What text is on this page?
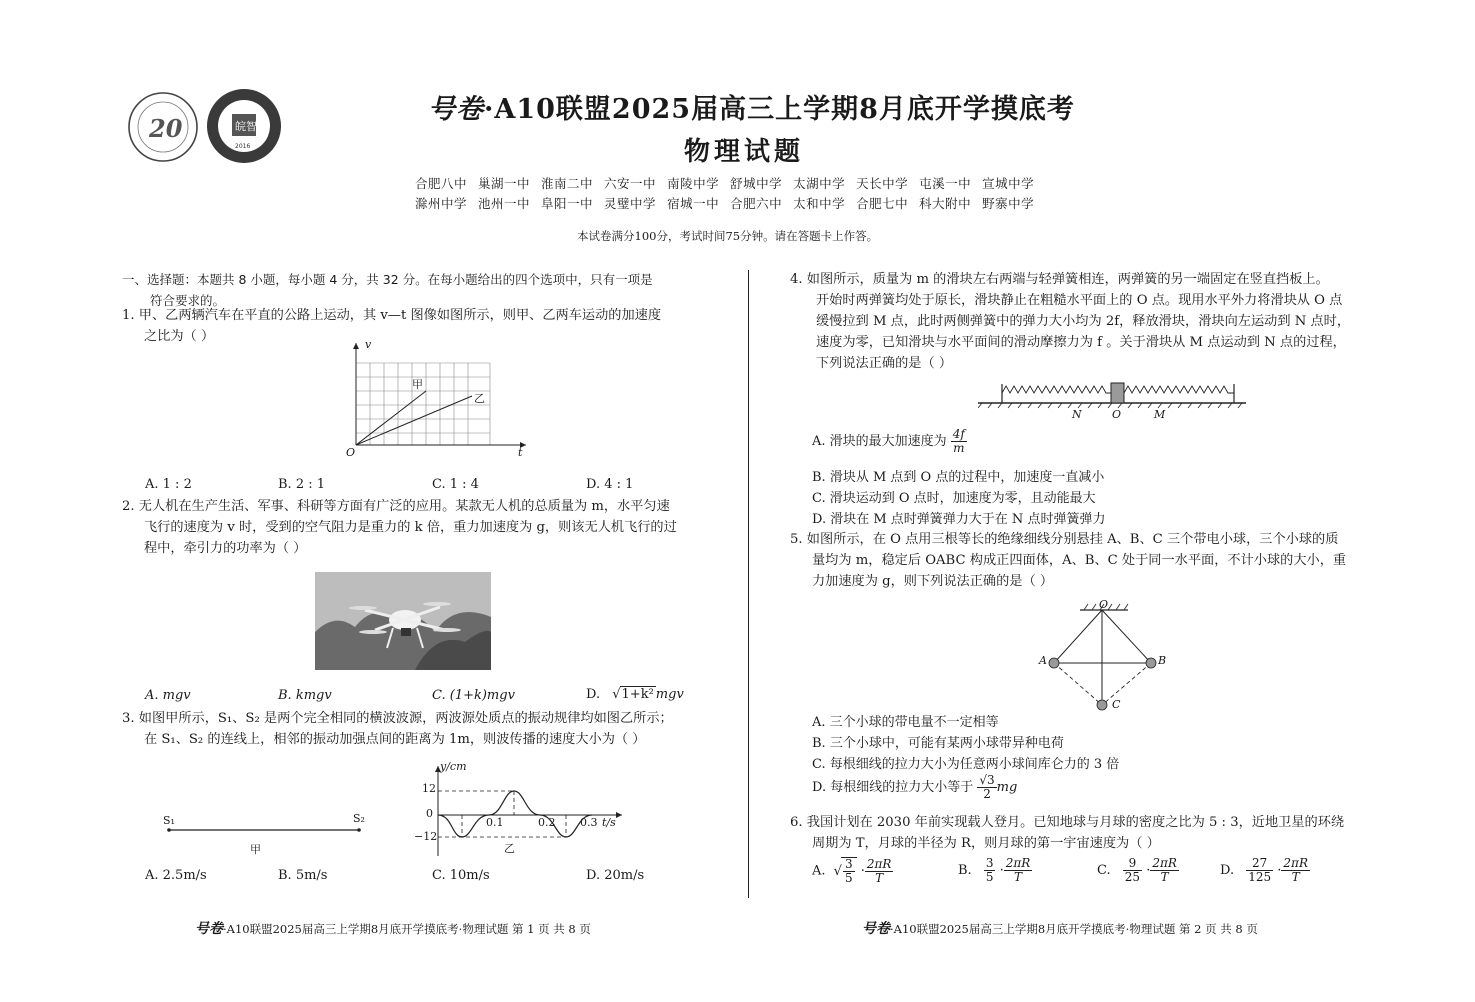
20	皖智
2016
号卷·A10联盟2025届高三上学期8月底开学摸底考
物理试题
合肥八中 巢湖一中 淮南二中 六安一中 南陵中学 舒城中学 太湖中学 天长中学 屯溪一中 宣城中学
滁州中学 池州一中 阜阳一中 灵璧中学 宿城一中 合肥六中 太和中学 合肥七中 科大附中 野寨中学
本试卷满分100分，考试时间75分钟。请在答题卡上作答。
一、选择题：本题共 8 小题，每小题 4 分，共 32 分。在每小题给出的四个选项中，只有一项是
符合要求的。
1. 甲、乙两辆汽车在平直的公路上运动，其 v—t 图像如图所示，则甲、乙两车运动的加速度
之比为（ ）
v
t
O
甲
乙
A. 1 : 2	B. 2 : 1	C. 1 : 4	D. 4 : 1
2. 无人机在生产生活、军事、科研等方面有广泛的应用。某款无人机的总质量为 m，水平匀速
飞行的速度为 v 时，受到的空气阻力是重力的 k 倍，重力加速度为 g，则该无人机飞行的过
程中，牵引力的功率为（ ）
A. mgv	B. kmgv	C. (1+k)mgv	D. √1+k² mgv
3. 如图甲所示，S₁、S₂ 是两个完全相同的横波波源，两波源处质点的振动规律均如图乙所示；
在 S₁、S₂ 的连线上，相邻的振动加强点间的距离为 1m，则波传播的速度大小为（ ）
S₁	S₂
甲
y/cm
12
0
−12
0.1	0.2 0.3 t/s
乙
A. 2.5m/s	B. 5m/s	C. 10m/s	D. 20m/s
4. 如图所示，质量为 m 的滑块左右两端与轻弹簧相连，两弹簧的另一端固定在竖直挡板上。
开始时两弹簧均处于原长，滑块静止在粗糙水平面上的 O 点。现用水平外力将滑块从 O 点
缓慢拉到 M 点，此时两侧弹簧中的弹力大小均为 2f，释放滑块，滑块向左运动到 N 点时，
速度为零，已知滑块与水平面间的滑动摩擦力为 f 。关于滑块从 M 点运动到 N 点的过程，
下列说法正确的是（ ）
N	O	M
A. 滑块的最大加速度为 $\frac{4f}{m}$
B. 滑块从 M 点到 O 点的过程中，加速度一直减小
C. 滑块运动到 O 点时，加速度为零，且动能最大
D. 滑块在 M 点时弹簧弹力大于在 N 点时弹簧弹力
5. 如图所示，在 O 点用三根等长的绝缘细线分别悬挂 A、B、C 三个带电小球，三个小球的质
量均为 m，稳定后 OABC 构成正四面体，A、B、C 处于同一水平面，不计小球的大小，重
力加速度为 g，则下列说法正确的是（ ）
O
A	B
C
A. 三个小球的带电量不一定相等
B. 三个小球中，可能有某两小球带异种电荷
C. 每根细线的拉力大小为任意两小球间库仑力的 3 倍
D. 每根细线的拉力大小等于 $\frac{√3}{2}$ mg
6. 我国计划在 2030 年前实现载人登月。已知地球与月球的密度之比为 5 : 3，近地卫星的环绕
周期为 T，月球的半径为 R，则月球的第一宇宙速度为（ ）
A. √ $\frac{3}{5} \cdot \frac{2\pi R}{T}$	B. $\frac{3}{5} \cdot \frac{2\pi R}{T}$	C. $\frac{9}{25} \cdot \frac{2\pi R}{T}$	D. $\frac{27}{125} \cdot \frac{2\pi R}{T}$
号卷·A10联盟2025届高三上学期8月底开学摸底考·物理试题 第 1 页 共 8 页	号卷·A10联盟2025届高三上学期8月底开学摸底考·物理试题 第 2 页 共 8 页
